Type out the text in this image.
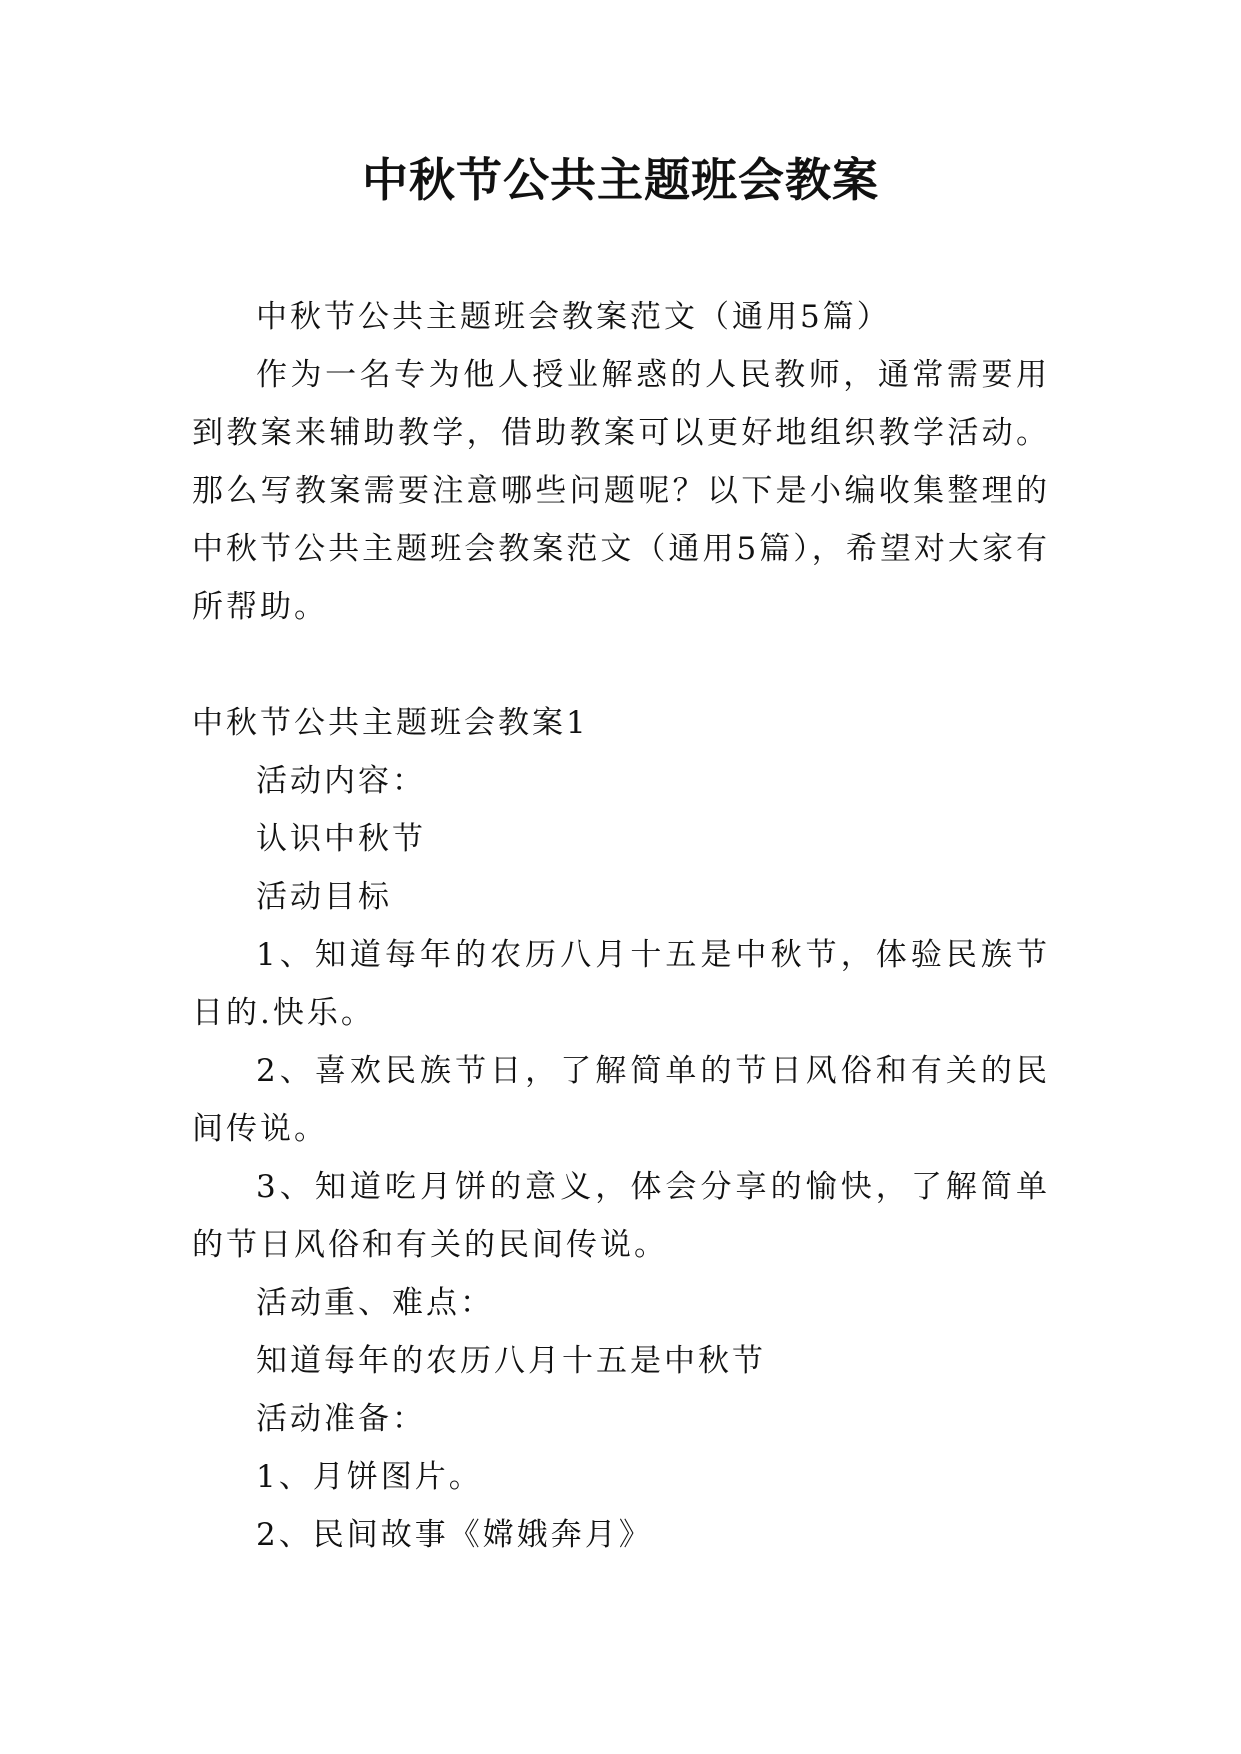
中秋节公共主题班会教案

中秋节公共主题班会教案范文（通用5篇）

作为一名专为他人授业解惑的人民教师，通常需要用到教案来辅助教学，借助教案可以更好地组织教学活动。那么写教案需要注意哪些问题呢？以下是小编收集整理的中秋节公共主题班会教案范文（通用5篇），希望对大家有所帮助。

中秋节公共主题班会教案1

活动内容：

认识中秋节

活动目标

1、知道每年的农历八月十五是中秋节，体验民族节日的.快乐。

2、喜欢民族节日，了解简单的节日风俗和有关的民间传说。

3、知道吃月饼的意义，体会分享的愉快，了解简单的节日风俗和有关的民间传说。

活动重、难点：

知道每年的农历八月十五是中秋节

活动准备：

1、月饼图片。

2、民间故事《嫦娥奔月》
